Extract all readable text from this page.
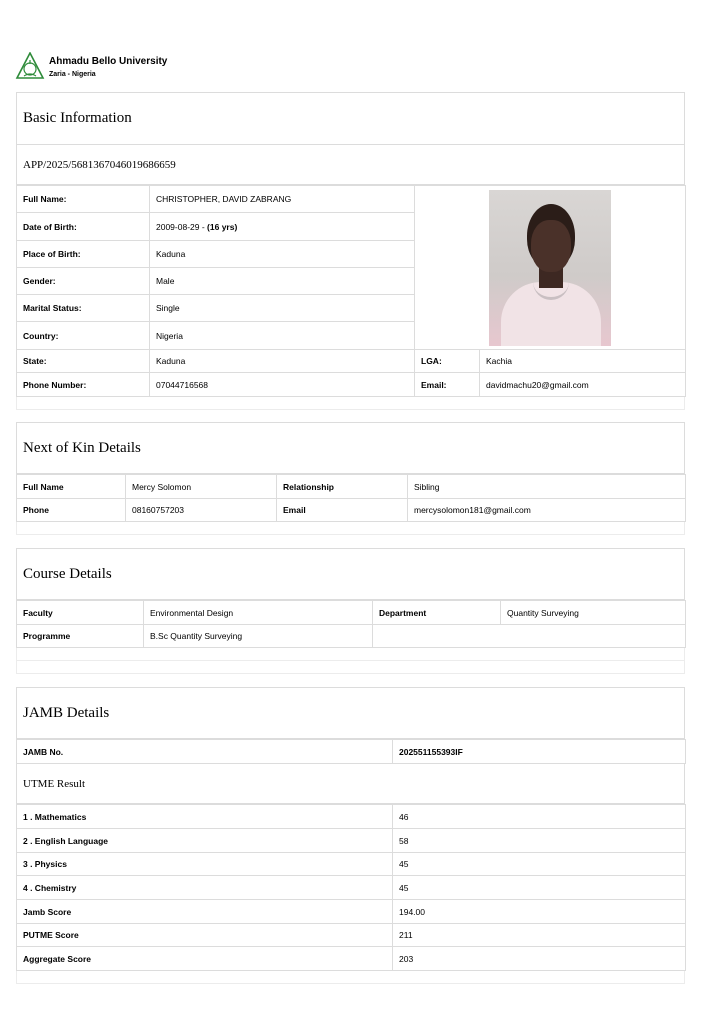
Ahmadu Bello University
Zaria - Nigeria
Basic Information
APP/2025/5681367046019686659
Full Name:	CHRISTOPHER, DAVID ZABRANG		

Date of Birth:	2009-08-29 - (16 yrs)		
Place of Birth:	Kaduna		
Gender:	Male		
Marital Status:	Single		
Country:	Nigeria		
State:	Kaduna	LGA:	Kachia
Phone Number:	07044716568	Email:	davidmachu20@gmail.com
Next of Kin Details
Full Name	Mercy Solomon	Relationship	Sibling
Phone	08160757203	Email	mercysolomon181@gmail.com
Course Details
Faculty	Environmental Design	Department	Quantity Surveying
Programme	B.Sc Quantity Surveying		
JAMB Details
JAMB No.	202551155393IF
UTME Result
1 . Mathematics	46
2 . English Language	58
3 . Physics	45
4 . Chemistry	45
Jamb Score	194.00
PUTME Score	211
Aggregate Score	203
